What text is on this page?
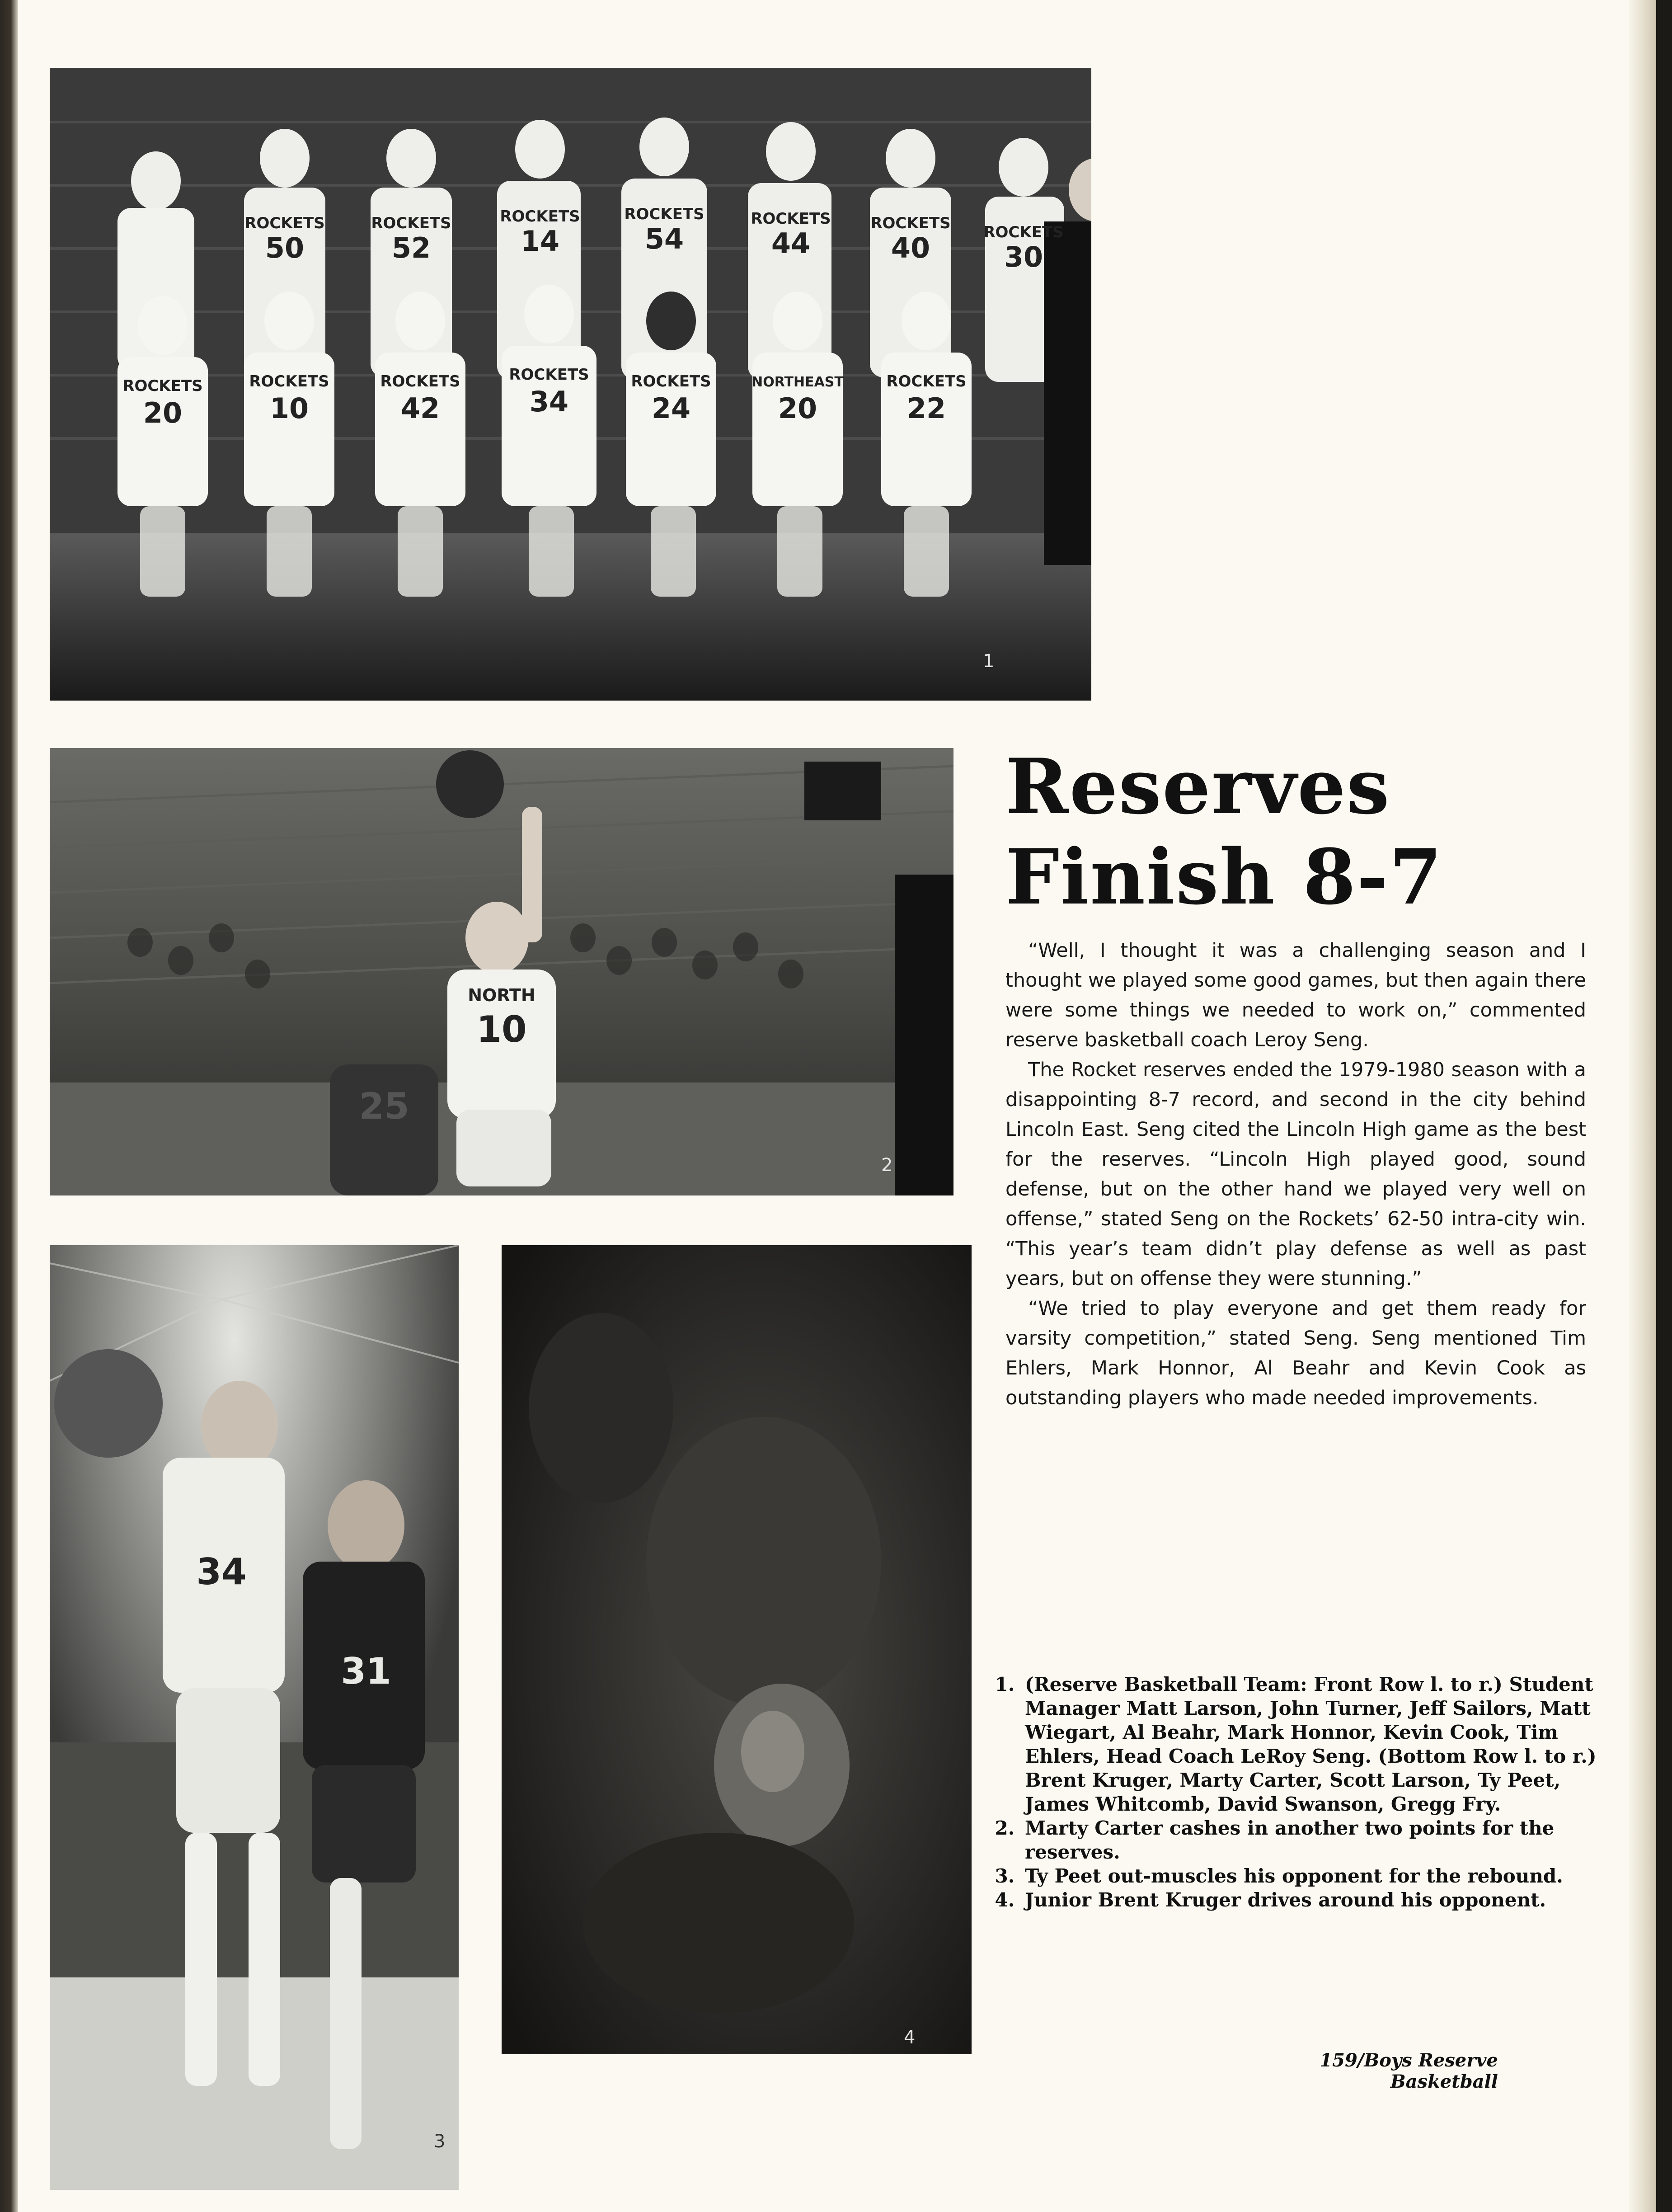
ROCKETS
50
ROCKETS
52
ROCKETS
14
ROCKETS
54
ROCKETS
44
ROCKETS
40	ROCKETS
30
ROCKETS
20
ROCKETS
10
ROCKETS
42
ROCKETS
34
ROCKETS
24
NORTHEAST
20
ROCKETS
22
1
NORTH
10
25
2
34
31
3
4
Reserves
Finish 8-7

“Well, I thought it was a challenging season and I thought we played some good games, but then again there were some things we needed to work on,” commented reserve basketball coach Leroy Seng.

The Rocket reserves ended the 1979-1980 season with a disappointing 8-7 record, and second in the city behind Lincoln East. Seng cited the Lincoln High game as the best for the reserves. “Lincoln High played good, sound defense, but on the other hand we played very well on offense,” stated Seng on the Rockets’ 62-50 intra-city win. “This year’s team didn’t play defense as well as past years, but on offense they were stunning.”

“We tried to play everyone and get them ready for varsity competition,” stated Seng. Seng mentioned Tim Ehlers, Mark Honnor, Al Beahr and Kevin Cook as outstanding players who made needed improvements.

1. (Reserve Basketball Team: Front Row l. to r.) Student Manager Matt Larson, John Turner, Jeff Sailors, Matt Wiegart, Al Beahr, Mark Honnor, Kevin Cook, Tim Ehlers, Head Coach LeRoy Seng. (Bottom Row l. to r.) Brent Kruger, Marty Carter, Scott Larson, Ty Peet, James Whitcomb, David Swanson, Gregg Fry.
2. Marty Carter cashes in another two points for the reserves.
3. Ty Peet out-muscles his opponent for the rebound.
4. Junior Brent Kruger drives around his opponent.
159/Boys Reserve Basketball
